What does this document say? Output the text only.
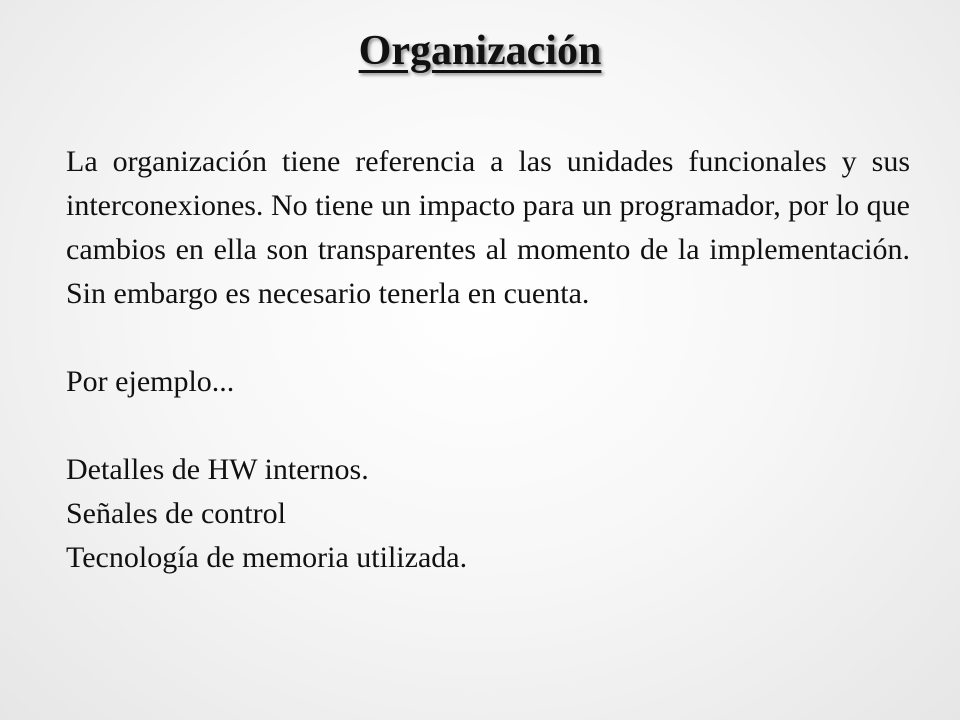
Organización

La organización tiene referencia a las unidades funcionales y sus interconexiones. No tiene un impacto para un programador, por lo que cambios en ella son transparentes al momento de la implementación. Sin embargo es necesario tenerla en cuenta.

Por ejemplo...
Detalles de HW internos.
Señales de control
Tecnología de memoria utilizada.
